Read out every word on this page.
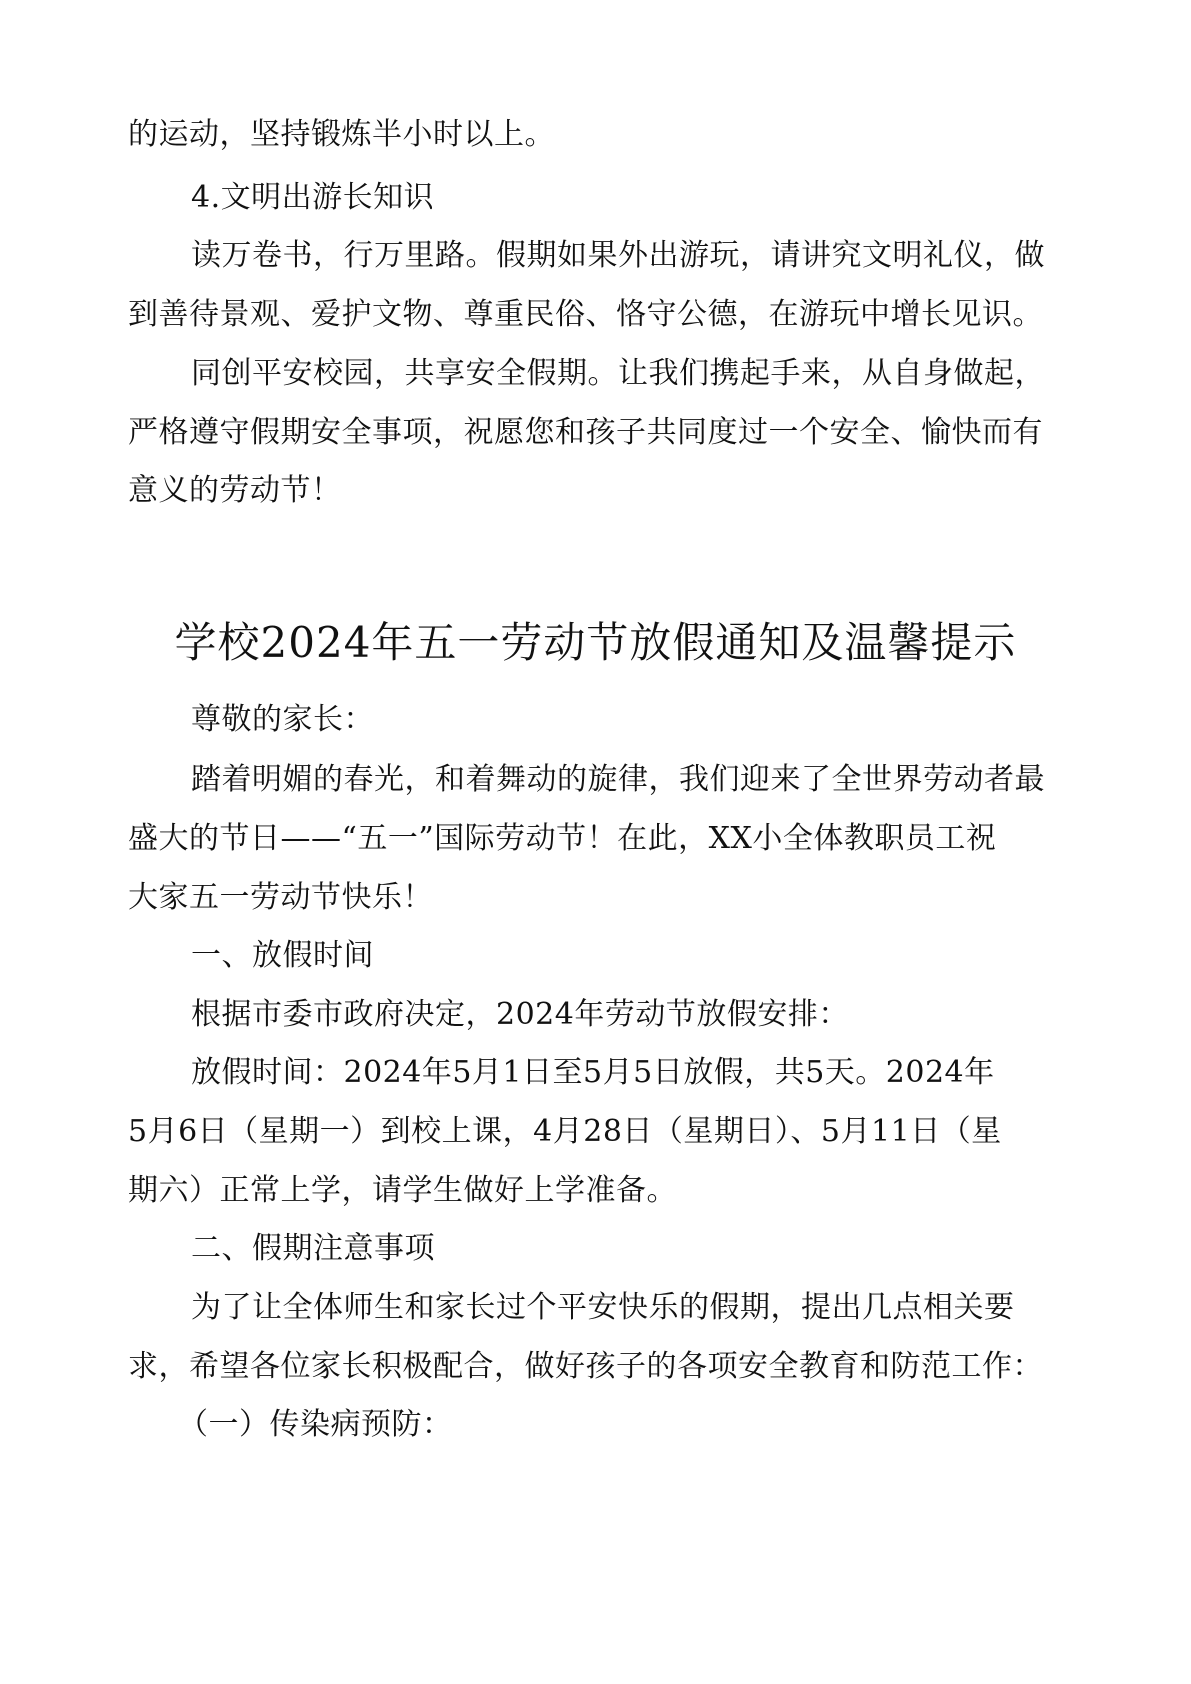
的运动，坚持锻炼半小时以上。
4.文明出游长知识
读万卷书，行万里路。假期如果外出游玩，请讲究文明礼仪，做
到善待景观、爱护文物、尊重民俗、恪守公德，在游玩中增长见识。
同创平安校园，共享安全假期。让我们携起手来，从自身做起，
严格遵守假期安全事项，祝愿您和孩子共同度过一个安全、愉快而有
意义的劳动节！
学校2024年五一劳动节放假通知及温馨提示
尊敬的家长：
踏着明媚的春光，和着舞动的旋律，我们迎来了全世界劳动者最
盛大的节日——“五一”国际劳动节！在此，XX小全体教职员工祝
大家五一劳动节快乐！
一、放假时间
根据市委市政府决定，2024年劳动节放假安排：
放假时间：2024年5月1日至5月5日放假，共5天。2024年
5月6日（星期一）到校上课，4月28日（星期日）、5月11日（星
期六）正常上学，请学生做好上学准备。
二、假期注意事项
为了让全体师生和家长过个平安快乐的假期，提出几点相关要
求，希望各位家长积极配合，做好孩子的各项安全教育和防范工作：
（一）传染病预防：
